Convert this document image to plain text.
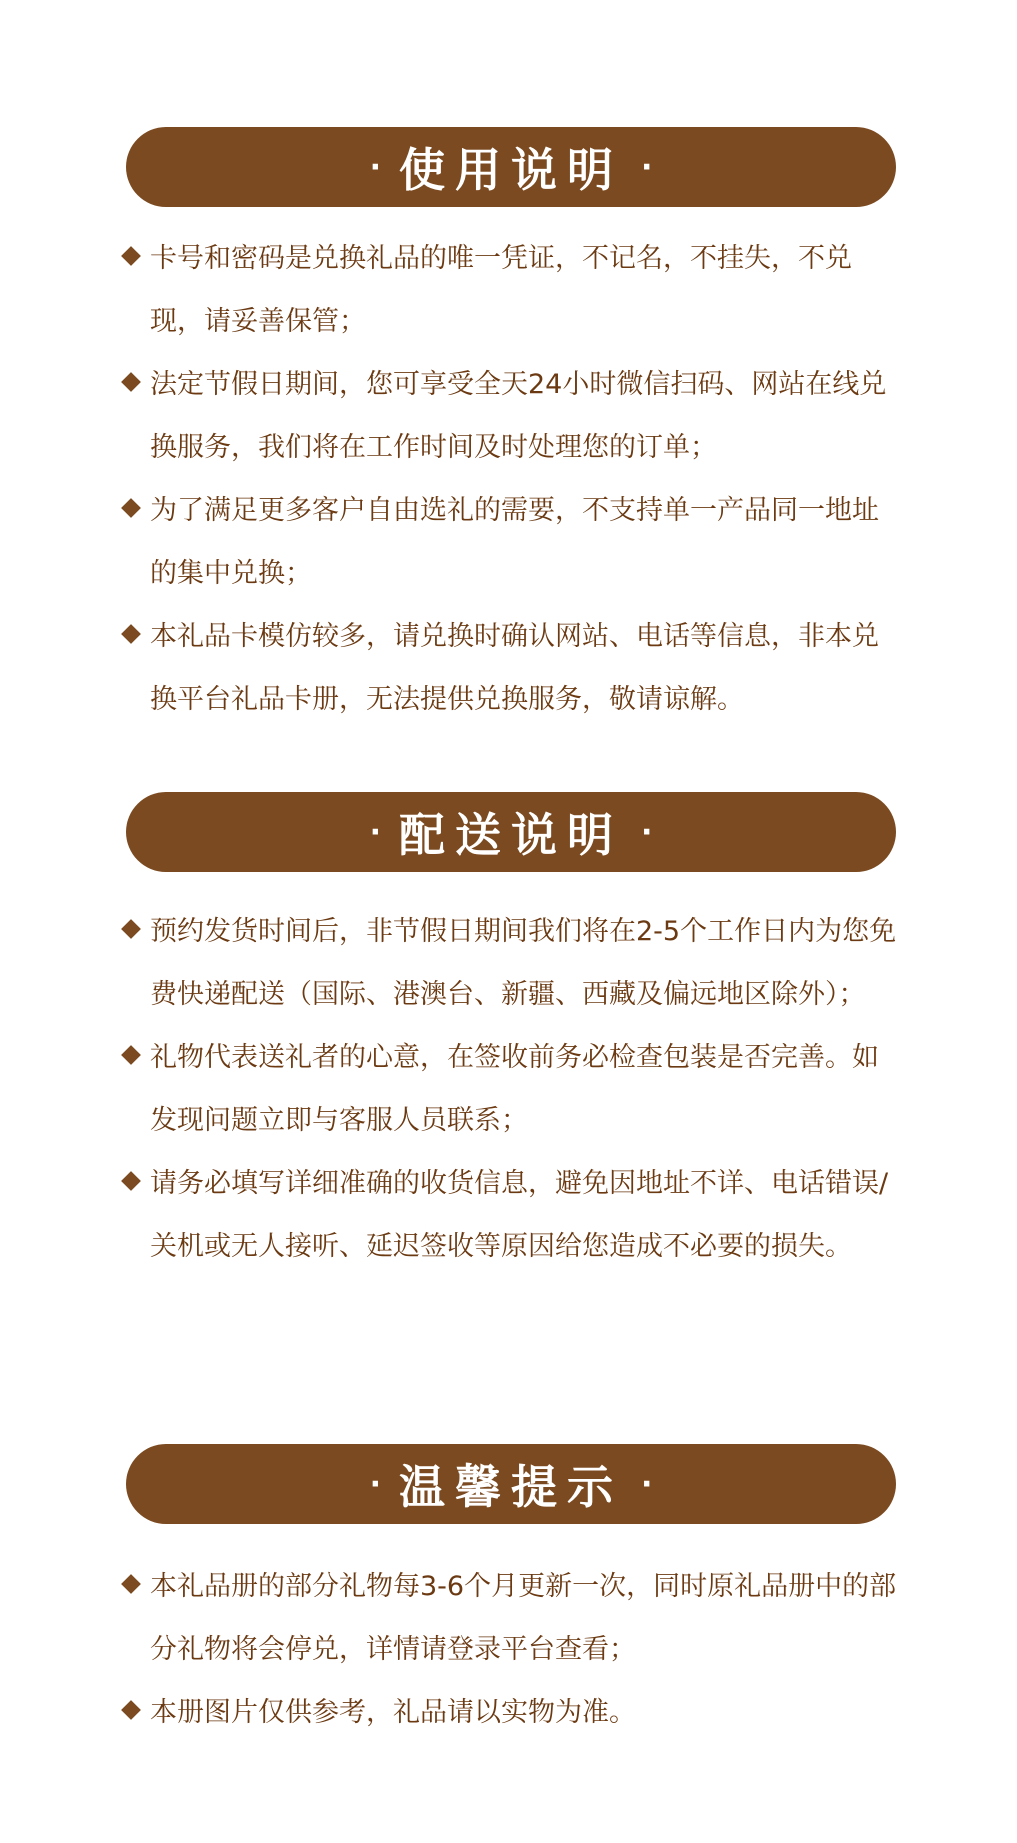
· 使用说明 ·
卡号和密码是兑换礼品的唯一凭证，不记名，不挂失，不兑现，请妥善保管；
法定节假日期间，您可享受全天24小时微信扫码、网站在线兑换服务，我们将在工作时间及时处理您的订单；
为了满足更多客户自由选礼的需要，不支持单一产品同一地址的集中兑换；
本礼品卡模仿较多，请兑换时确认网站、电话等信息，非本兑换平台礼品卡册，无法提供兑换服务，敬请谅解。
· 配送说明 ·
预约发货时间后，非节假日期间我们将在2-5个工作日内为您免费快递配送（国际、港澳台、新疆、西藏及偏远地区除外）；
礼物代表送礼者的心意，在签收前务必检查包装是否完善。如发现问题立即与客服人员联系；
请务必填写详细准确的收货信息，避免因地址不详、电话错误/关机或无人接听、延迟签收等原因给您造成不必要的损失。
· 温馨提示 ·
本礼品册的部分礼物每3-6个月更新一次，同时原礼品册中的部分礼物将会停兑，详情请登录平台查看；
本册图片仅供参考，礼品请以实物为准。
